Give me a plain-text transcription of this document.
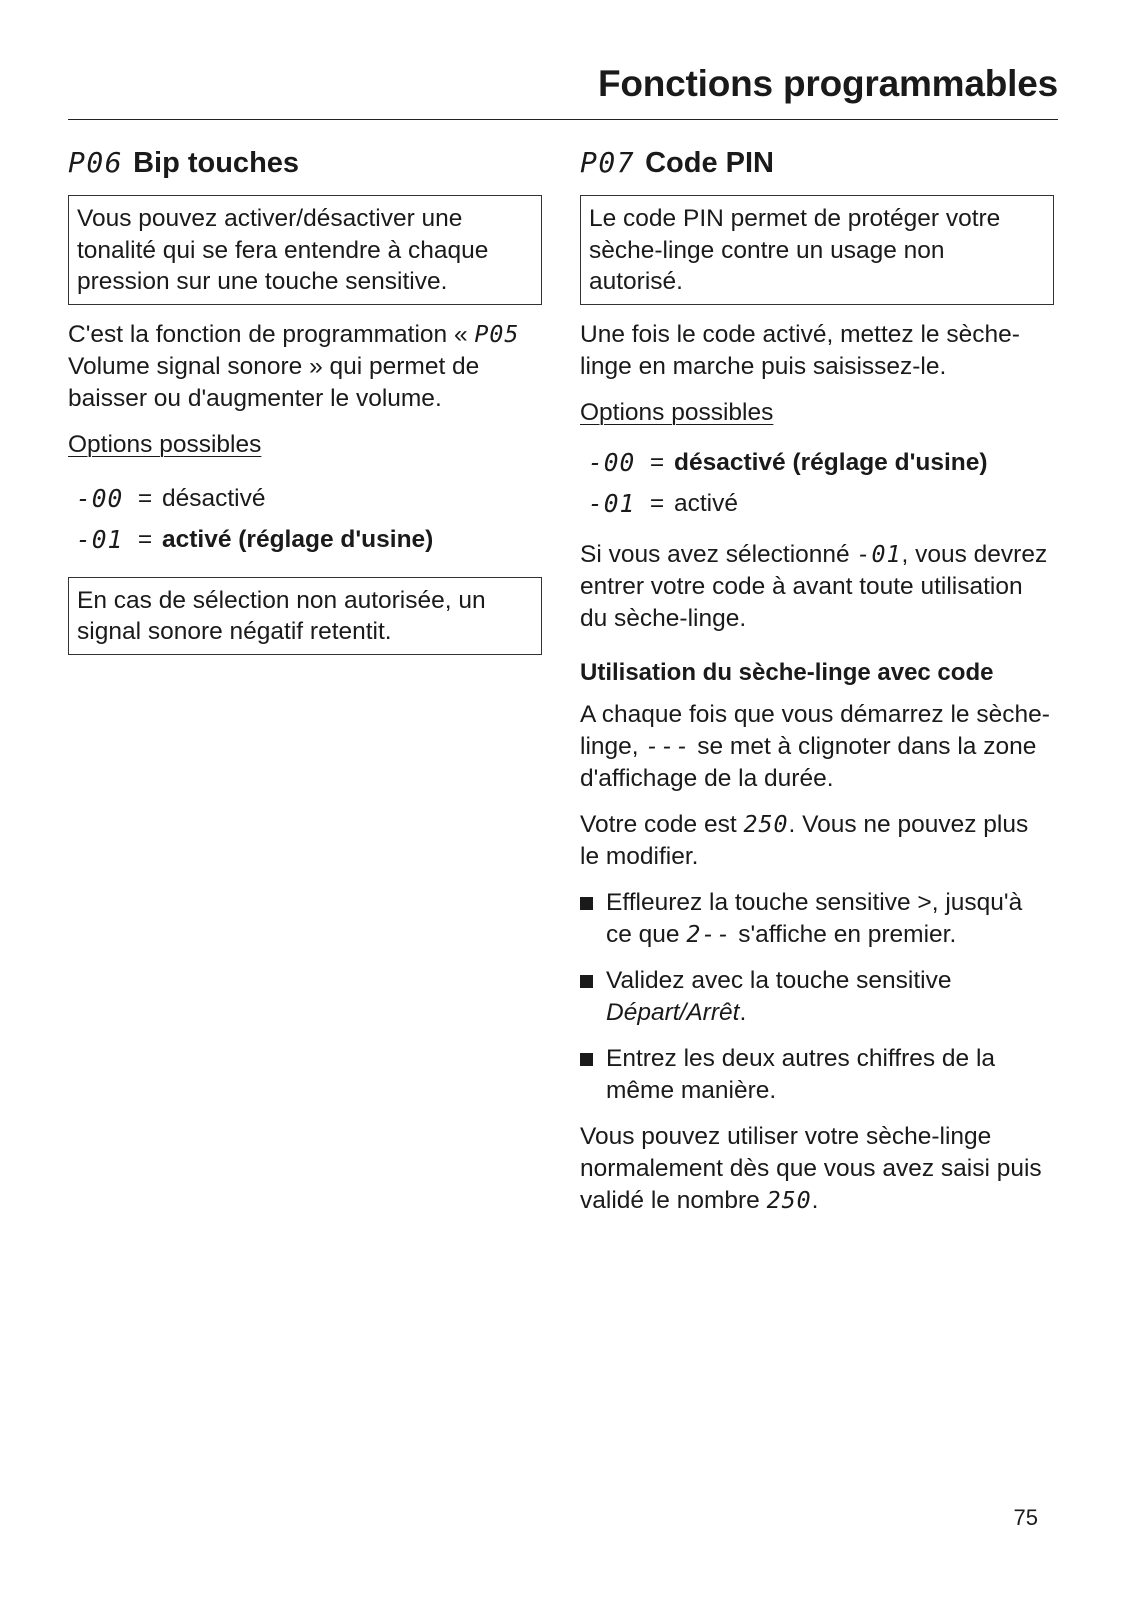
Fonctions programmables
P06 Bip touches
Vous pouvez activer/désactiver une tonalité qui se fera entendre à chaque pression sur une touche sensitive.

C'est la fonction de programmation « P05 Volume signal sonore » qui permet de baisser ou d'augmenter le volume.

Options possibles

-00 = désactivé
-01 = activé (réglage d'usine)
En cas de sélection non autorisée, un signal sonore négatif retentit.
P07 Code PIN
Le code PIN permet de protéger votre sèche-linge contre un usage non autorisé.

Une fois le code activé, mettez le sèche-linge en marche puis saisissez-le.

Options possibles

-00 = désactivé (réglage d'usine)
-01 = activé

Si vous avez sélectionné -01, vous devrez entrer votre code à avant toute utilisation du sèche-linge.

Utilisation du sèche-linge avec code

A chaque fois que vous démarrez le sèche-linge, --- se met à clignoter dans la zone d'affichage de la durée.

Votre code est 250. Vous ne pouvez plus le modifier.

Effleurez la touche sensitive >, jusqu'à ce que 2-- s'affiche en premier.
Validez avec la touche sensitive Départ/Arrêt.
Entrez les deux autres chiffres de la même manière.

Vous pouvez utiliser votre sèche-linge normalement dès que vous avez saisi puis validé le nombre 250.

75
